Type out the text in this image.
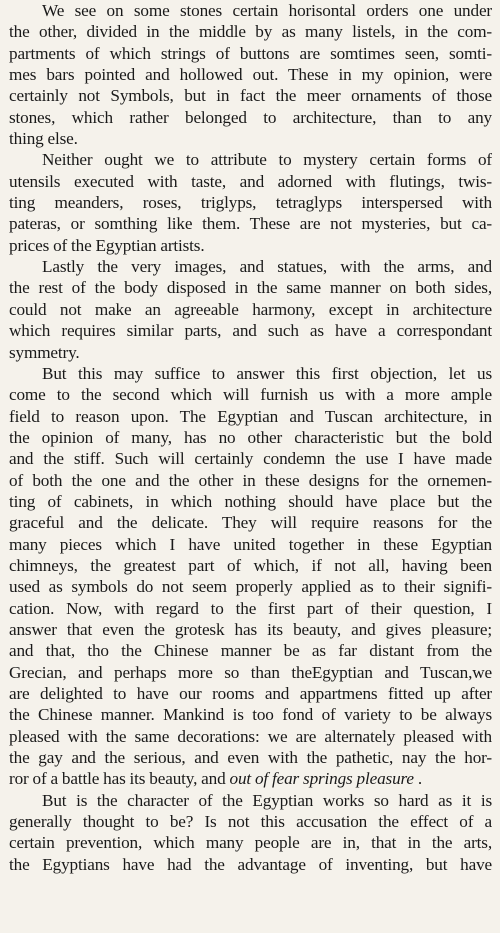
We see on somе stones certain horisontal orders one under
the other, divided in the middle by as many listels, in the com-
partments of which strings of buttons are somtimes seen, somti-
mes bars pointed and hollowed out. These in my opinion, were
certainly not Symbols, but in fact the meer ornaments of those
stones, which rather belonged to architecture, than to any
thing else.
Neither ought we to attribute to mystery certain forms of
utensils executed with taste, and adorned with flutings, twis-
ting meanders, roses, triglyps, tetraglyps interspersed with
pateras, or somthing like them. These are not mysteries, but ca-
prices of the Egyptian artists.
Lastly the very images, and statues, with the arms, and
the rest of the body disposed in the same manner on both sides,
could not make an agreeable harmony, except in architecture
which requires similar parts, and such as have a correspondant
symmetry.
But this may suffice to answer this first objection, let us
come to the second which will furnish us with a more ample
field to reason upon. The Egyptian and Tuscan architecture, in
the opinion of many, has no other characteristic but the bold
and the stiff. Such will certainly condemn the use I have made
of both the one and the other in these designs for the ornemen-
ting of cabinets, in which nothing should have place but the
graceful and the delicate. They will require reasons for the
many pieces which I have united together in these Egyptian
chimneys, the greatest part of which, if not all, having been
used as symbols do not seem properly applied as to their signifi-
cation. Now, with regard to the first part of their question, I
answer that even the grotesk has its beauty, and gives pleasure;
and that, tho the Chinese manner be as far distant from the
Grecian, and perhaps more so than theEgyptian and Tuscan,we
are delighted to have our rooms and appartmens fitted up after
the Chinese manner. Mankind is too fond of variety to be always
pleased with the same decorations: we are alternately pleased with
the gay and the serious, and even with the pathetic, nay the hor-
ror of a battle has its beauty, and out of fear springs pleasure .
But is the character of the Egyptian works so hard as it is
generally thought to be? Is not this accusation the effect of a
certain prevention, which many people are in, that in the arts,
the Egyptians have had the advantage of inventing, but have
